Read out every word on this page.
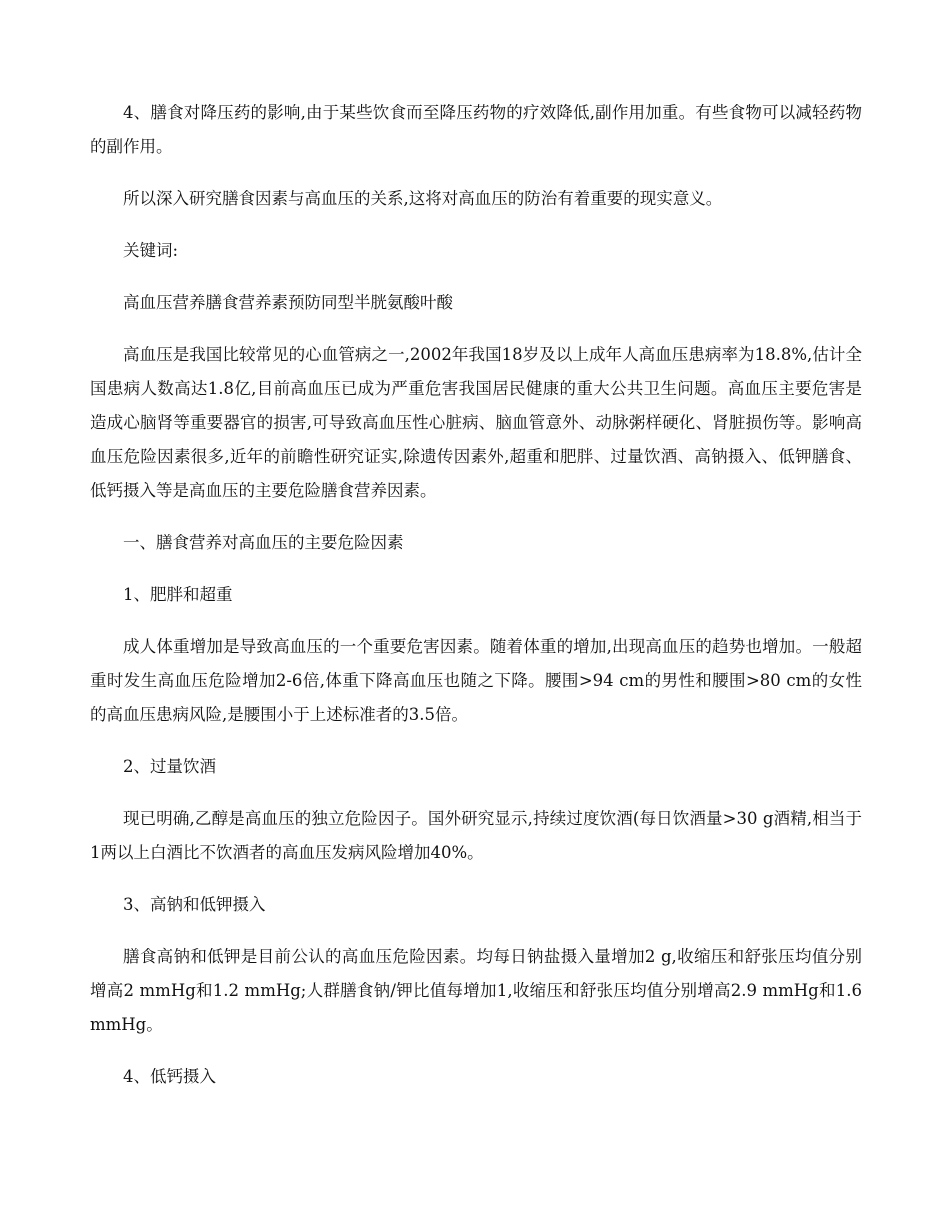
4、膳食对降压药的影响,由于某些饮食而至降压药物的疗效降低,副作用加重。有些食物可以减轻药物的副作用。

所以深入研究膳食因素与高血压的关系,这将对高血压的防治有着重要的现实意义。

关键词:

高血压营养膳食营养素预防同型半胱氨酸叶酸

高血压是我国比较常见的心血管病之一,2002年我国18岁及以上成年人高血压患病率为18.8%,估计全国患病人数高达1.8亿,目前高血压已成为严重危害我国居民健康的重大公共卫生问题。高血压主要危害是造成心脑肾等重要器官的损害,可导致高血压性心脏病、脑血管意外、动脉粥样硬化、肾脏损伤等。影响高血压危险因素很多,近年的前瞻性研究证实,除遗传因素外,超重和肥胖、过量饮酒、高钠摄入、低钾膳食、低钙摄入等是高血压的主要危险膳食营养因素。

一、膳食营养对高血压的主要危险因素

1、肥胖和超重

成人体重增加是导致高血压的一个重要危害因素。随着体重的增加,出现高血压的趋势也增加。一般超重时发生高血压危险增加2-6倍,体重下降高血压也随之下降。腰围>94 cm的男性和腰围>80 cm的女性的高血压患病风险,是腰围小于上述标准者的3.5倍。

2、过量饮酒

现已明确,乙醇是高血压的独立危险因子。国外研究显示,持续过度饮酒(每日饮酒量>30 g酒精,相当于1两以上白酒比不饮酒者的高血压发病风险增加40%。

3、高钠和低钾摄入

膳食高钠和低钾是目前公认的高血压危险因素。均每日钠盐摄入量增加2 g,收缩压和舒张压均值分别增高2 mmHg和1.2 mmHg;人群膳食钠/钾比值每增加1,收缩压和舒张压均值分别增高2.9 mmHg和1.6 mmHg。

4、低钙摄入
